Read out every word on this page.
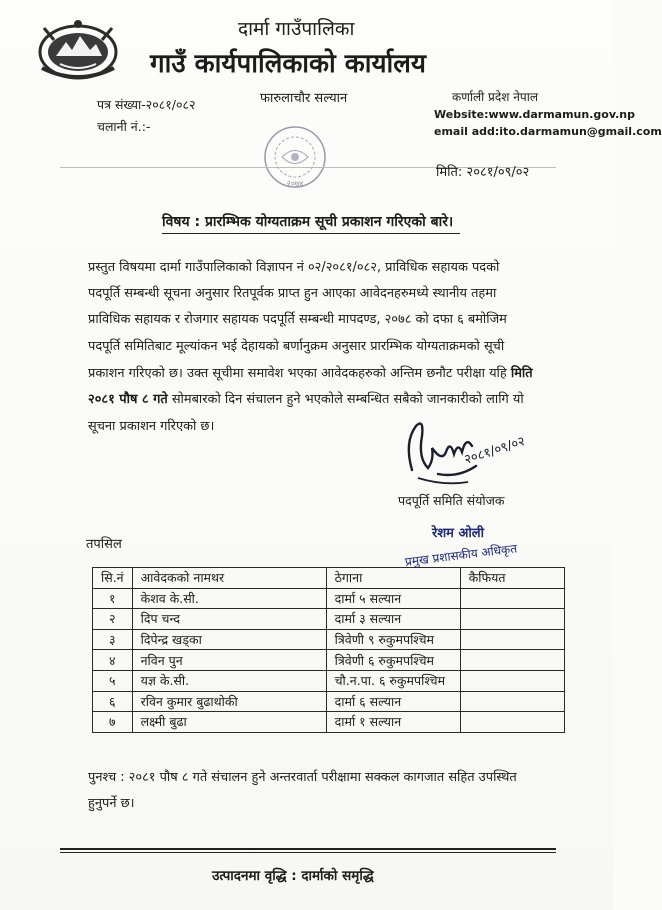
दार्मा गाउँपालिका
गाउँ कार्यपालिकाको कार्यालय
फारुलाचौर सल्यान	कर्णाली प्रदेश नेपाल
पत्र संख्या-२०८१/०८२
Website:www.darmamun.gov.np
चलानी नं.:-	email add:ito.darmamun@gmail.com
२०७४
मिति: २०८१/०९/०२
विषय : प्रारम्भिक योग्यताक्रम सूची प्रकाशन गरिएको बारे।
प्रस्तुत विषयमा दार्मा गाउँपालिकाको विज्ञापन नं ०२/२०८१/०८२, प्राविधिक सहायक पदको
पदपूर्ति सम्बन्धी सूचना अनुसार रितपूर्वक प्राप्त हुन आएका आवेदनहरुमध्ये स्थानीय तहमा
प्राविधिक सहायक र रोजगार सहायक पदपूर्ति सम्बन्धी मापदण्ड, २०७८ को दफा ६ बमोजिम
पदपूर्ति समितिबाट मूल्यांकन भई देहायको बर्णानुक्रम अनुसार प्रारम्भिक योग्यताक्रमको सूची
प्रकाशन गरिएको छ। उक्त सूचीमा समावेश भएका आवेदकहरुको अन्तिम छनौट परीक्षा यहि मिति
२०८१ पौष ८ गते सोमबारको दिन संचालन हुने भएकोले सम्बन्धित सबैको जानकारीको लागि यो
सूचना प्रकाशन गरिएको छ।
२०८१/०९/०२
पदपूर्ति समिति संयोजक
रेशम ओली
प्रमुख प्रशासकीय अधिकृत
तपसिल
सि.नं	आवेदकको नामथर	ठेगाना	कैफियत
१	केशव के.सी.	दार्मा ५ सल्यान	
२	दिप चन्द	दार्मा ३ सल्यान	
३	दिपेन्द्र खड्का	त्रिवेणी ९ रुकुमपश्चिम	
४	नविन पुन	त्रिवेणी ६ रुकुमपश्चिम	
५	यज्ञ के.सी.	चौ.न.पा. ६ रुकुमपश्चिम	
६	रविन कुमार बुढाथोकी	दार्मा ६ सल्यान	
७	लक्ष्मी बुढा	दार्मा १ सल्यान	
पुनश्च : २०८१ पौष ८ गते संचालन हुने अन्तरवार्ता परीक्षामा सक्कल कागजात सहित उपस्थित
हुनुपर्ने छ।
उत्पादनमा वृद्धि : दार्माको समृद्धि
